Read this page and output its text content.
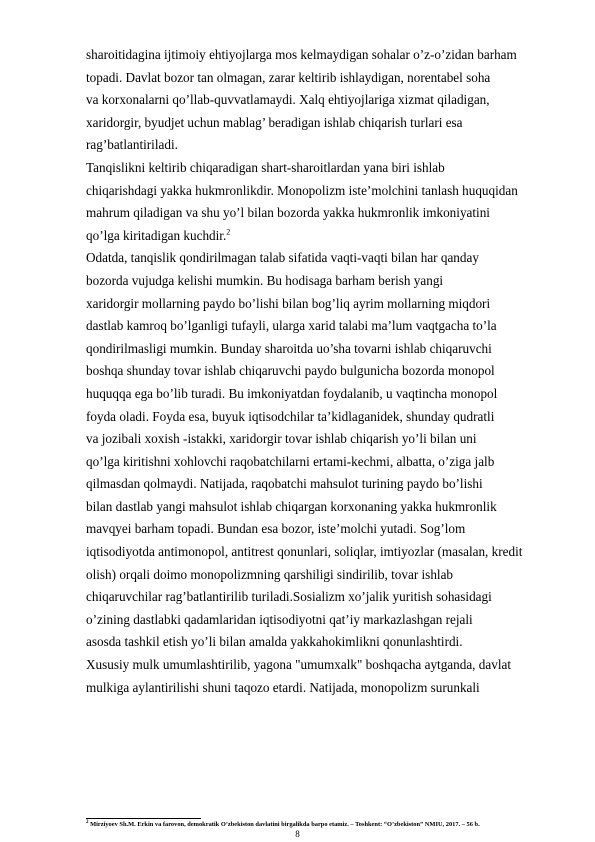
sharoitidagina ijtimoiy ehtiyojlarga mos kelmaydigan sohalar o’z-o’zidan barham
topadi. Davlat bozor tan olmagan, zarar keltirib ishlaydigan, norentabel soha
va korxonalarni qo’llab-quvvatlamaydi. Xalq ehtiyojlariga xizmat qiladigan,
xaridorgir, byudjet uchun mablag’ beradigan ishlab chiqarish turlari esa
rag’batlantiriladi.
Tanqislikni keltirib chiqaradigan shart-sharoitlardan yana biri ishlab
chiqarishdagi yakka hukmronlikdir. Monopolizm iste’molchini tanlash huquqidan
mahrum qiladigan va shu yo’l bilan bozorda yakka hukmronlik imkoniyatini
qo’lga kiritadigan kuchdir.$^2$
Odatda, tanqislik qondirilmagan talab sifatida vaqti-vaqti bilan har qanday
bozorda vujudga kelishi mumkin. Bu hodisaga barham berish yangi
xaridorgir mollarning paydo bo’lishi bilan bog’liq ayrim mollarning miqdori
dastlab kamroq bo’lganligi tufayli, ularga xarid talabi ma’lum vaqtgacha to’la
qondirilmasligi mumkin. Bunday sharoitda uo’sha tovarni ishlab chiqaruvchi
boshqa shunday tovar ishlab chiqaruvchi paydo bulgunicha bozorda monopol
huquqqa ega bo’lib turadi. Bu imkoniyatdan foydalanib, u vaqtincha monopol
foyda oladi. Foyda esa, buyuk iqtisodchilar ta’kidlaganidek, shunday qudratli
va jozibali xoxish -istakki, xaridorgir tovar ishlab chiqarish yo’li bilan uni
qo’lga kiritishni xohlovchi raqobatchilarni ertami-kechmi, albatta, o’ziga jalb
qilmasdan qolmaydi. Natijada, raqobatchi mahsulot turining paydo bo’lishi
bilan dastlab yangi mahsulot ishlab chiqargan korxonaning yakka hukmronlik
mavqyei barham topadi. Bundan esa bozor, iste’molchi yutadi. Sog’lom
iqtisodiyotda antimonopol, antitrest qonunlari, soliqlar, imtiyozlar (masalan, kredit
olish) orqali doimo monopolizmning qarshiligi sindirilib, tovar ishlab
chiqaruvchilar rag’batlantirilib turiladi.Sosializm xo’jalik yuritish sohasidagi
o’zining dastlabki qadamlaridan iqtisodiyotni qat’iy markazlashgan rejali
asosda tashkil etish yo’li bilan amalda yakkahokimlikni qonunlashtirdi.
Xususiy mulk umumlashtirilib, yagona "umumxalk" boshqacha aytganda, davlat
mulkiga aylantirilishi shuni taqozo etardi. Natijada, monopolizm surunkali
$^2$ Mirziyoev Sh.M. Erkin va farovon, demokratik O’zbekiston davlatini birgalikda barpo etamiz. – Toshkent: “O’zbekiston” NMIU, 2017. – 56 b.
8
